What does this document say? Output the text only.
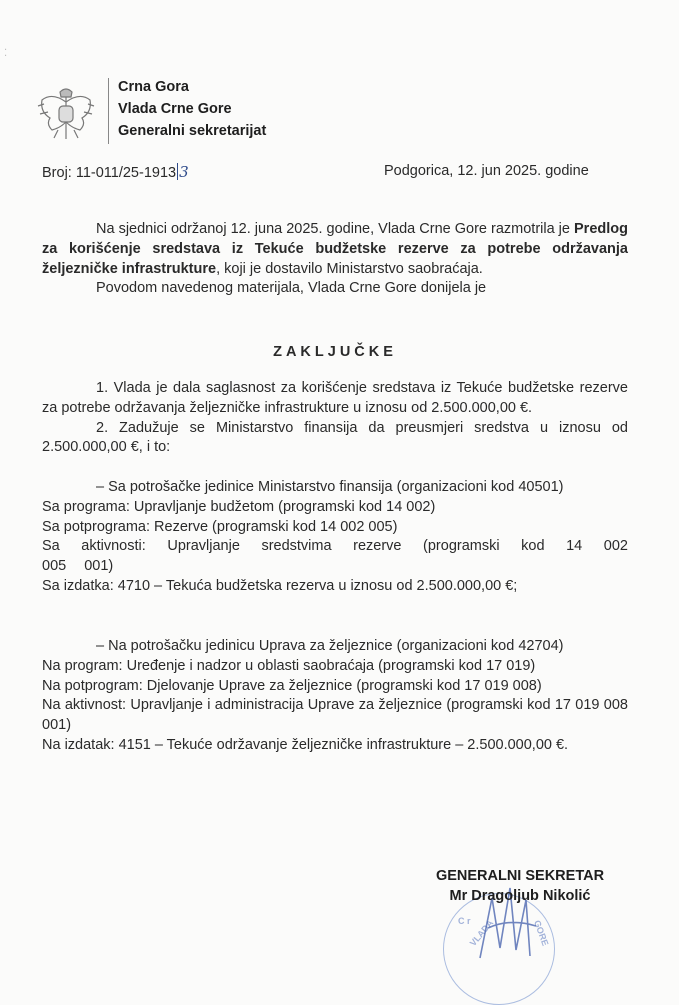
⁚
Crna Gora
Vlada Crne Gore
Generalni sekretarijat
Broj: 11-011/25-1913 3	Podgorica, 12. jun 2025. godine

Na sjednici održanoj 12. juna 2025. godine, Vlada Crne Gore razmotrila je Predlog za korišćenje sredstava iz Tekuće budžetske rezerve za potrebe održavanja željezničke infrastrukture, koji je dostavilo Ministarstvo saobraćaja.

Povodom navedenog materijala, Vlada Crne Gore donijela je

ZAKLJUČKE

1. Vlada je dala saglasnost za korišćenje sredstava iz Tekuće budžetske rezerve za potrebe održavanja željezničke infrastrukture u iznosu od 2.500.000,00 €.

2. Zadužuje se Ministarstvo finansija da preusmjeri sredstva u iznosu od 2.500.000,00 €, i to:

– Sa potrošačke jedinice Ministarstvo finansija (organizacioni kod 40501)

Sa programa: Upravljanje budžetom (programski kod 14 002)

Sa potprograma: Rezerve (programski kod 14 002 005)

Sa aktivnosti: Upravljanje sredstvima rezerve (programski kod 14 002 005 001)

Sa izdatka: 4710 – Tekuća budžetska rezerva u iznosu od 2.500.000,00 €;

– Na potrošačku jedinicu Uprava za željeznice (organizacioni kod 42704)

Na program: Uređenje i nadzor u oblasti saobraćaja (programski kod 17 019)

Na potprogram: Djelovanje Uprave za željeznice (programski kod 17 019 008)

Na aktivnost: Upravljanje i administracija Uprave za željeznice (programski kod 17 019 008 001)

Na izdatak: 4151 – Tekuće održavanje željezničke infrastrukture – 2.500.000,00 €.

C r
VLADA	GORE
GENERALNI SEKRETAR
Mr Dragoljub Nikolić
